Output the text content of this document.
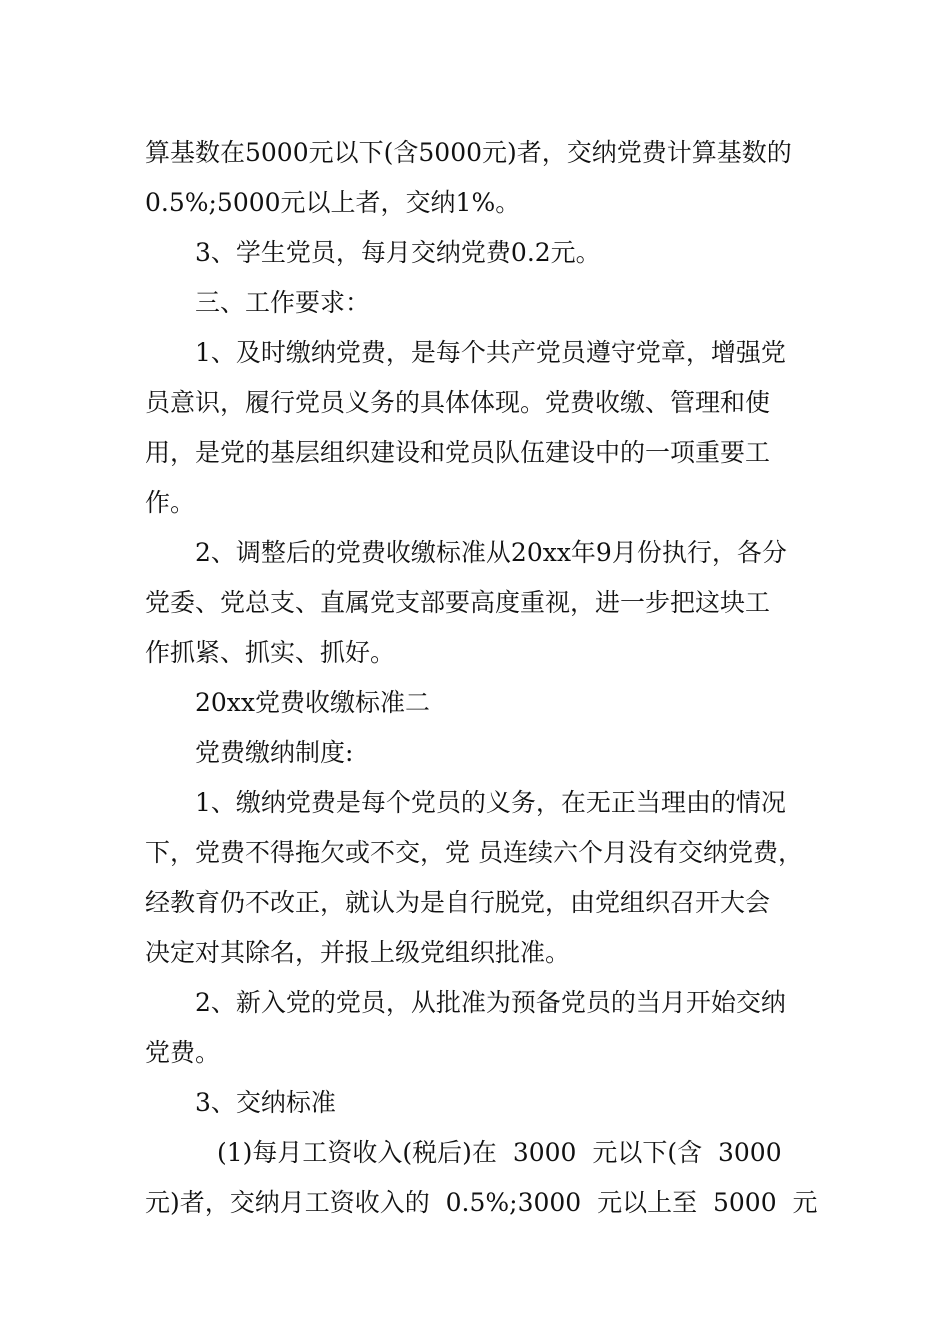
算基数在5000元以下(含5000元)者，交纳党费计算基数的
0.5%;5000元以上者，交纳1%。
3、学生党员，每月交纳党费0.2元。
三、工作要求：
1、及时缴纳党费，是每个共产党员遵守党章，增强党
员意识，履行党员义务的具体体现。党费收缴、管理和使
用，是党的基层组织建设和党员队伍建设中的一项重要工
作。
2、调整后的党费收缴标准从20xx年9月份执行，各分
党委、党总支、直属党支部要高度重视，进一步把这块工
作抓紧、抓实、抓好。
20xx党费收缴标准二
党费缴纳制度:
1、缴纳党费是每个党员的义务，在无正当理由的情况
下，党费不得拖欠或不交，党 员连续六个月没有交纳党费，
经教育仍不改正，就认为是自行脱党，由党组织召开大会
决定对其除名，并报上级党组织批准。
2、新入党的党员，从批准为预备党员的当月开始交纳
党费。
3、交纳标准
(1)每月工资收入(税后)在  3000  元以下(含  3000
元)者，交纳月工资收入的  0.5%;3000  元以上至  5000  元
